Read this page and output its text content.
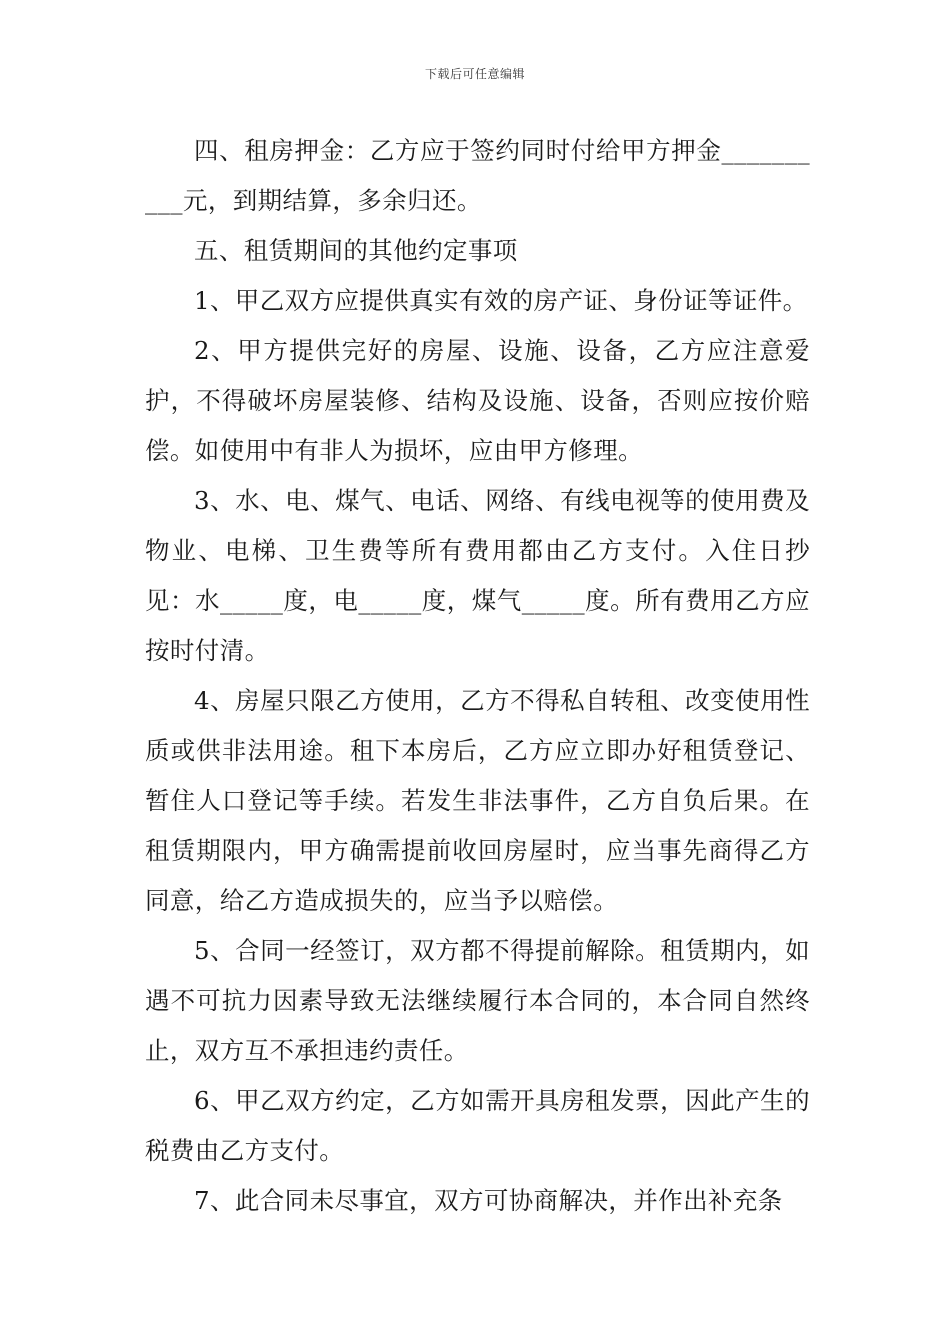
下载后可任意编辑

四、租房押金：乙方应于签约同时付给甲方押金__________元，到期结算，多余归还。

五、租赁期间的其他约定事项

1、甲乙双方应提供真实有效的房产证、身份证等证件。

2、甲方提供完好的房屋、设施、设备，乙方应注意爱护，不得破坏房屋装修、结构及设施、设备，否则应按价赔偿。如使用中有非人为损坏，应由甲方修理。

3、水、电、煤气、电话、网络、有线电视等的使用费及物业、电梯、卫生费等所有费用都由乙方支付。入住日抄见：水_____度，电_____度，煤气_____度。所有费用乙方应按时付清。

4、房屋只限乙方使用，乙方不得私自转租、改变使用性质或供非法用途。租下本房后，乙方应立即办好租赁登记、暂住人口登记等手续。若发生非法事件，乙方自负后果。在租赁期限内，甲方确需提前收回房屋时，应当事先商得乙方同意，给乙方造成损失的，应当予以赔偿。

5、合同一经签订，双方都不得提前解除。租赁期内，如遇不可抗力因素导致无法继续履行本合同的，本合同自然终止，双方互不承担违约责任。

6、甲乙双方约定，乙方如需开具房租发票，因此产生的税费由乙方支付。

7、此合同未尽事宜，双方可协商解决，并作出补充条
